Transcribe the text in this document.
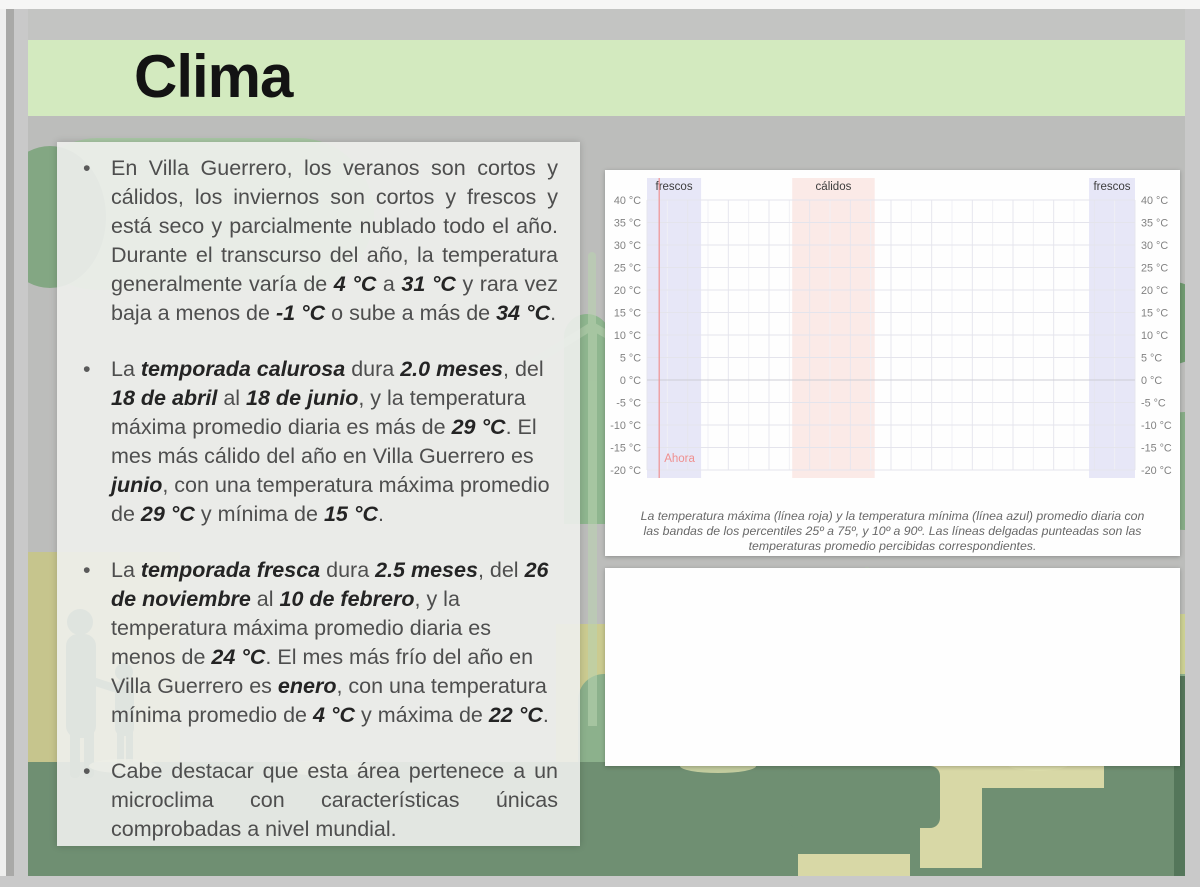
Clima
• En Villa Guerrero, los veranos son cortos y cálidos, los inviernos son cortos y frescos y está seco y parcialmente nublado todo el año. Durante el transcurso del año, la temperatura generalmente varía de 4 °C a 31 °C y rara vez baja a menos de -1 °C o sube a más de 34 °C.
• La temporada calurosa dura 2.0 meses, del 18 de abril al 18 de junio, y la temperatura máxima promedio diaria es más de 29 °C. El mes más cálido del año en Villa Guerrero es junio, con una temperatura máxima promedio de 29 °C y mínima de 15 °C.
• La temporada fresca dura 2.5 meses, del 26 de noviembre al 10 de febrero, y la temperatura máxima promedio diaria es menos de 24 °C. El mes más frío del año en Villa Guerrero es enero, con una temperatura mínima promedio de 4 °C y máxima de 22 °C.
• Cabe destacar que esta área pertenece a un microclima con características únicas comprobadas a nivel mundial.
frescos	cálidos	frescos
40 °C	40 °C
35 °C	35 °C
30 °C	30 °C
25 °C	25 °C
20 °C	20 °C
15 °C	15 °C
10 °C	10 °C
5 °C	5 °C
0 °C	0 °C
-5 °C	-5 °C
-10 °C	-10 °C
-15 °C	-15 °C
-20 °C	-20 °C
Ahora
La temperatura máxima (línea roja) y la temperatura mínima (línea azul) promedio diaria con las bandas de los percentiles 25º a 75º, y 10º a 90º. Las líneas delgadas punteadas son las temperaturas promedio percibidas correspondientes.
